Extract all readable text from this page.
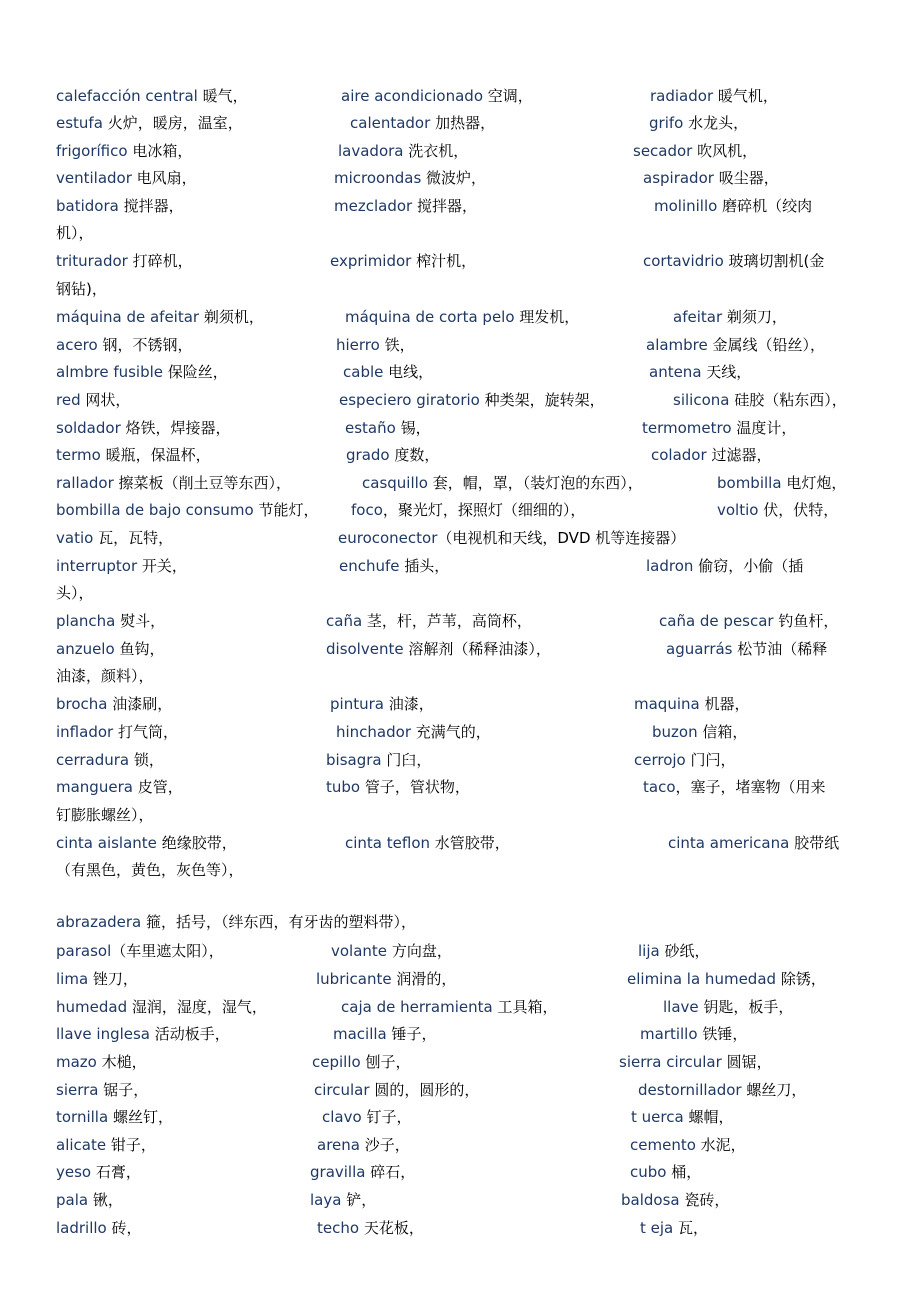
calefacción central 暖气，	aire acondicionado 空调，	radiador 暖气机，
estufa 火炉，暖房，温室，	calentador 加热器，	grifo 水龙头，
frigorífico 电冰箱，	lavadora 洗衣机，	secador 吹风机，
ventilador 电风扇，	microondas 微波炉，	aspirador 吸尘器，
batidora 搅拌器，	mezclador 搅拌器，	molinillo 磨碎机（绞肉
机），
triturador 打碎机，	exprimidor 榨汁机，	cortavidrio 玻璃切割机(金
钢钻)，
máquina de afeitar 剃须机，	máquina de corta pelo 理发机，	afeitar 剃须刀，
acero 钢，不锈钢，	hierro 铁，	alambre 金属线（铅丝），
almbre fusible 保险丝，	cable 电线，	antena 天线，
red 网状，	especiero giratorio 种类架，旋转架，	silicona 硅胶（粘东西），
soldador 烙铁，焊接器，	estaño 锡，	termometro 温度计，
termo 暖瓶，保温杯，	grado 度数，	colador 过滤器，
rallador 擦菜板（削土豆等东西），	casquillo 套，帽，罩，（装灯泡的东西），	bombilla 电灯炮，
bombilla de bajo consumo 节能灯， foco，聚光灯，探照灯（细细的），	voltio 伏，伏特，
vatio 瓦，瓦特，	euroconector（电视机和天线，DVD 机等连接器）
interruptor 开关，	enchufe 插头，	ladron 偷窃，小偷（插
头），
plancha 熨斗，	caña 茎，杆，芦苇，高筒杯，	caña de pescar 钓鱼杆，
anzuelo 鱼钩，	disolvente 溶解剂（稀释油漆），	aguarrás 松节油（稀释
油漆，颜料），
brocha 油漆刷，	pintura 油漆，	maquina 机器，
inflador 打气筒，	hinchador 充满气的，	buzon 信箱，
cerradura 锁，	bisagra 门臼，	cerrojo 门闩，
manguera 皮管，	tubo 管子，管状物，	taco，塞子，堵塞物（用来
钉膨胀螺丝），
cinta aislante 绝缘胶带，	cinta teflon 水管胶带，	cinta americana 胶带纸
（有黑色，黄色，灰色等），
abrazadera 箍，括号，（绊东西，有牙齿的塑料带），
parasol（车里遮太阳），	volante 方向盘，	lija 砂纸，
lima 锉刀，	lubricante 润滑的，	elimina la humedad 除锈，
humedad 湿润，湿度，湿气，	caja de herramienta 工具箱，	llave 钥匙，板手，
llave inglesa 活动板手，	macilla 锤子，	martillo 铁锤，
mazo 木槌，	cepillo 刨子，	sierra circular 圆锯，
sierra 锯子，	circular 圆的，圆形的，	destornillador 螺丝刀，
tornilla 螺丝钉，	clavo 钉子，	t uerca 螺帽，
alicate 钳子，	arena 沙子，	cemento 水泥，
yeso 石膏，	gravilla 碎石，	cubo 桶，
pala 锹，	laya 铲，	baldosa 瓷砖，
ladrillo 砖，	techo 天花板，	t eja 瓦，
